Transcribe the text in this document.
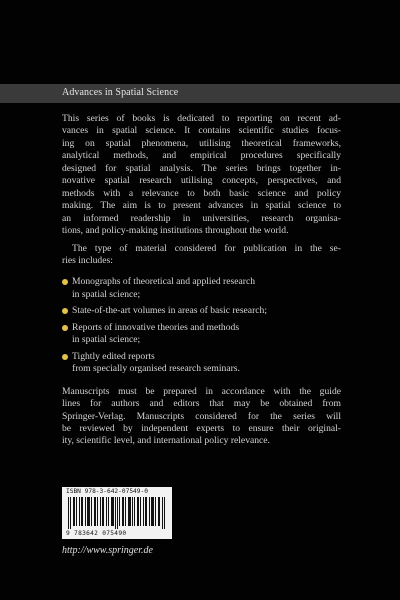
Advances in Spatial Science

This series of books is dedicated to reporting on recent ad-
vances in spatial science. It contains scientific studies focus-
ing on spatial phenomena, utilising theoretical frameworks,
analytical methods, and empirical procedures specifically
designed for spatial analysis. The series brings together in-
novative spatial research utilising concepts, perspectives, and
methods with a relevance to both basic science and policy
making. The aim is to present advances in spatial science to
an informed readership in universities, research organisa-
tions, and policy-making institutions throughout the world.

The type of material considered for publication in the se-
ries includes:

Monographs of theoretical and applied research
in spatial science;
State-of-the-art volumes in areas of basic research;
Reports of innovative theories and methods
in spatial science;
Tightly edited reports
from specially organised research seminars.

Manuscripts must be prepared in accordance with the guide
lines for authors and editors that may be obtained from
Springer-Verlag. Manuscripts considered for the series will
be reviewed by independent experts to ensure their original-
ity, scientific level, and international policy relevance.

ISBN 978-3-642-07549-0
9 783642 075490
http://www.springer.de
